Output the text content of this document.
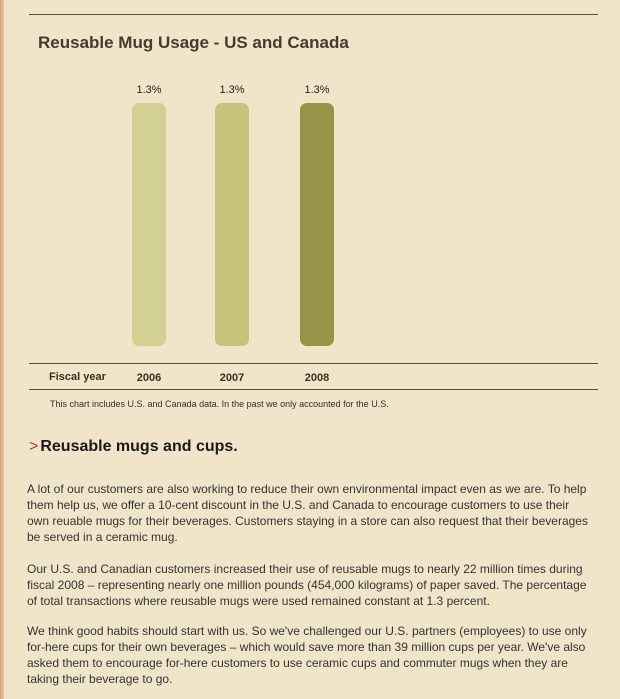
Reusable Mug Usage - US and Canada
1.3%
2006
1.3%
2007
1.3%
2008
Fiscal year
This chart includes U.S. and Canada data. In the past we only accounted for the U.S.
> Reusable mugs and cups.

A lot of our customers are also working to reduce their own environmental impact even as we are. To help them help us, we offer a 10-cent discount in the U.S. and Canada to encourage customers to use their own reuable mugs for their beverages. Customers staying in a store can also request that their beverages be served in a ceramic mug.

Our U.S. and Canadian customers increased their use of reusable mugs to nearly 22 million times during fiscal 2008 – representing nearly one million pounds (454,000 kilograms) of paper saved. The percentage of total transactions where reusable mugs were used remained constant at 1.3 percent.

We think good habits should start with us. So we've challenged our U.S. partners (employees) to use only for-here cups for their own beverages – which would save more than 39 million cups per year. We've also asked them to encourage for-here customers to use ceramic cups and commuter mugs when they are taking their beverage to go.
